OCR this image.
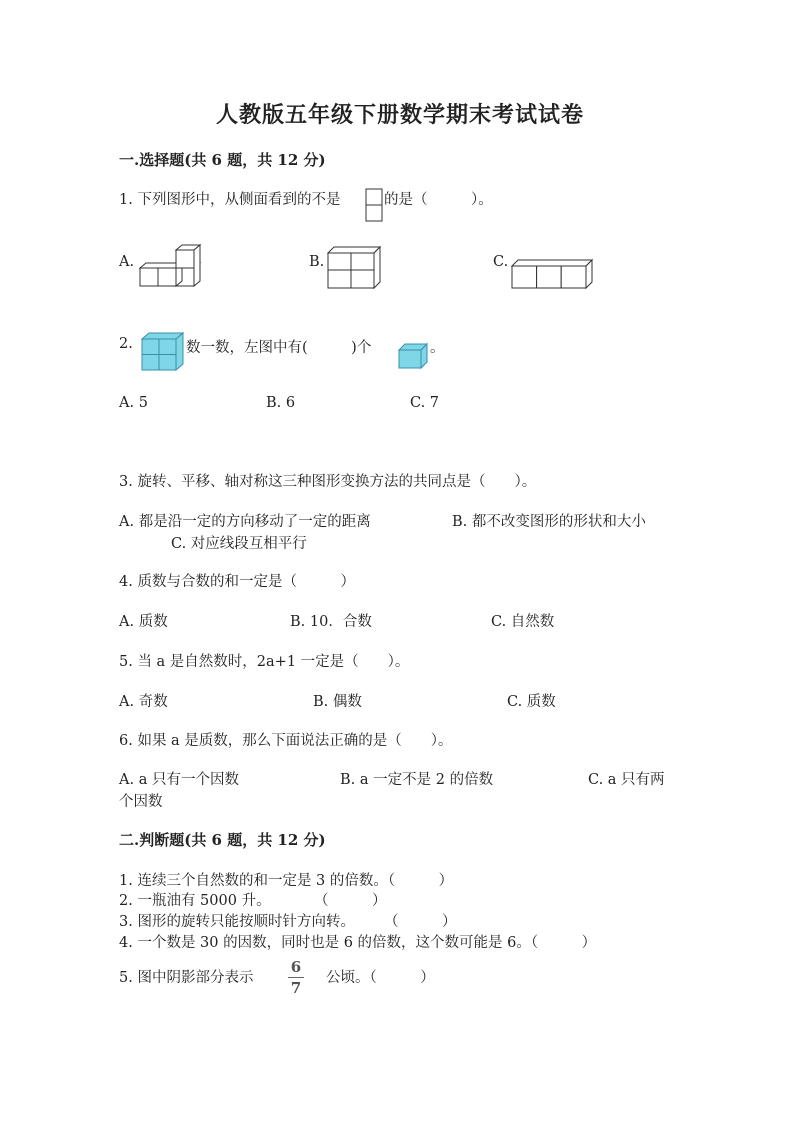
人教版五年级下册数学期末考试试卷
一.选择题(共 6 题，共 12 分)
1. 下列图形中，从侧面看到的不是	的是（　　　）。
A.	B.	C.
2.	数一数，左图中有(　　　)个	。
A. 5	B. 6	C. 7
3. 旋转、平移、轴对称这三种图形变换方法的共同点是（　　）。
A. 都是沿一定的方向移动了一定的距离	B. 都不改变图形的形状和大小
C. 对应线段互相平行
4. 质数与合数的和一定是（　　　）
A. 质数	B. 10．合数	C. 自然数
5. 当 a 是自然数时，2a+1 一定是（　　）。
A. 奇数	B. 偶数	C. 质数
6. 如果 a 是质数，那么下面说法正确的是（　　）。
A. a 只有一个因数	B. a 一定不是 2 的倍数	C. a 只有两
个因数
二.判断题(共 6 题，共 12 分)
1. 连续三个自然数的和一定是 3 的倍数。（　　　）
2. 一瓶油有 5000 升。　　　　（　　　）
3. 图形的旋转只能按顺时针方向转。　　　（　　　）
4. 一个数是 30 的因数，同时也是 6 的倍数，这个数可能是 6。（　　　）
5. 图中阴影部分表示
6
7
公顷。（　　　）
